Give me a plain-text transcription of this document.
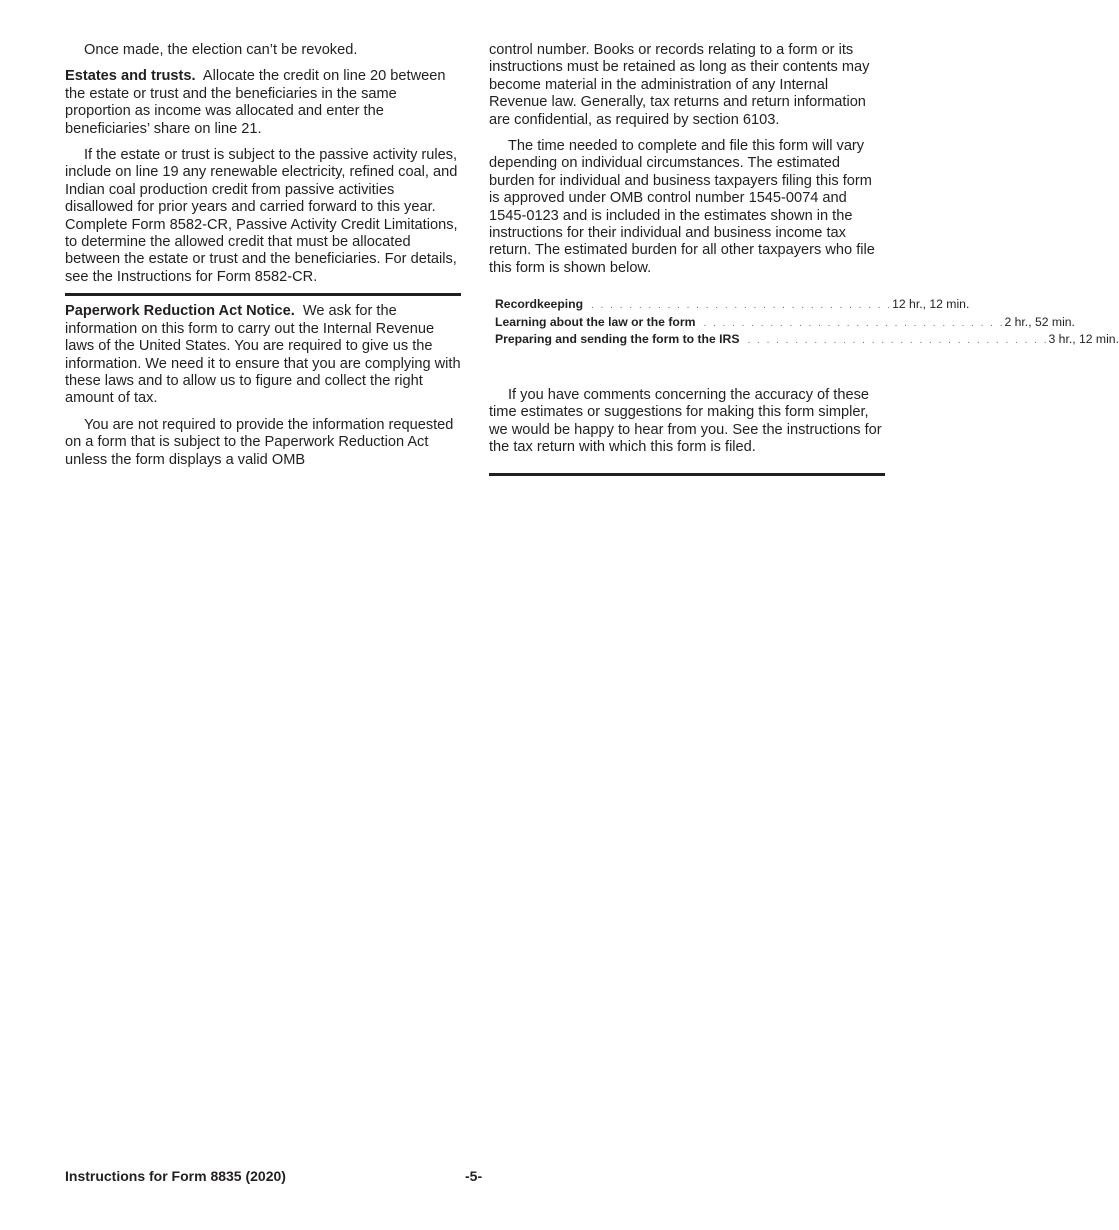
Once made, the election can’t be revoked.

Estates and trusts. Allocate the credit on line 20 between the estate or trust and the beneficiaries in the same proportion as income was allocated and enter the beneficiaries’ share on line 21.

If the estate or trust is subject to the passive activity rules, include on line 19 any renewable electricity, refined coal, and Indian coal production credit from passive activities disallowed for prior years and carried forward to this year. Complete Form 8582-CR, Passive Activity Credit Limitations, to determine the allowed credit that must be allocated between the estate or trust and the beneficiaries. For details, see the Instructions for Form 8582-CR.

Paperwork Reduction Act Notice. We ask for the information on this form to carry out the Internal Revenue laws of the United States. You are required to give us the information. We need it to ensure that you are complying with these laws and to allow us to figure and collect the right amount of tax.

You are not required to provide the information requested on a form that is subject to the Paperwork Reduction Act unless the form displays a valid OMB

control number. Books or records relating to a form or its instructions must be retained as long as their contents may become material in the administration of any Internal Revenue law. Generally, tax returns and return information are confidential, as required by section 6103.

The time needed to complete and file this form will vary depending on individual circumstances. The estimated burden for individual and business taxpayers filing this form is approved under OMB control number 1545-0074 and 1545-0123 and is included in the estimates shown in the instructions for their individual and business income tax return. The estimated burden for all other taxpayers who file this form is shown below.

Recordkeeping . . . . . . . . . . . . . . . . . . . . . . . . . . . . . . . . 12 hr., 12 min.
Learning about the law or the form . . . . . . . . . . . . . . . . . . . . . . . . . . . . . . . . 2 hr., 52 min.
Preparing and sending the form to the IRS . . . . . . . . . . . . . . . . . . . . . . . . . . . . . . . . 3 hr., 12 min.

If you have comments concerning the accuracy of these time estimates or suggestions for making this form simpler, we would be happy to hear from you. See the instructions for the tax return with which this form is filed.

Instructions for Form 8835 (2020)	-5-
